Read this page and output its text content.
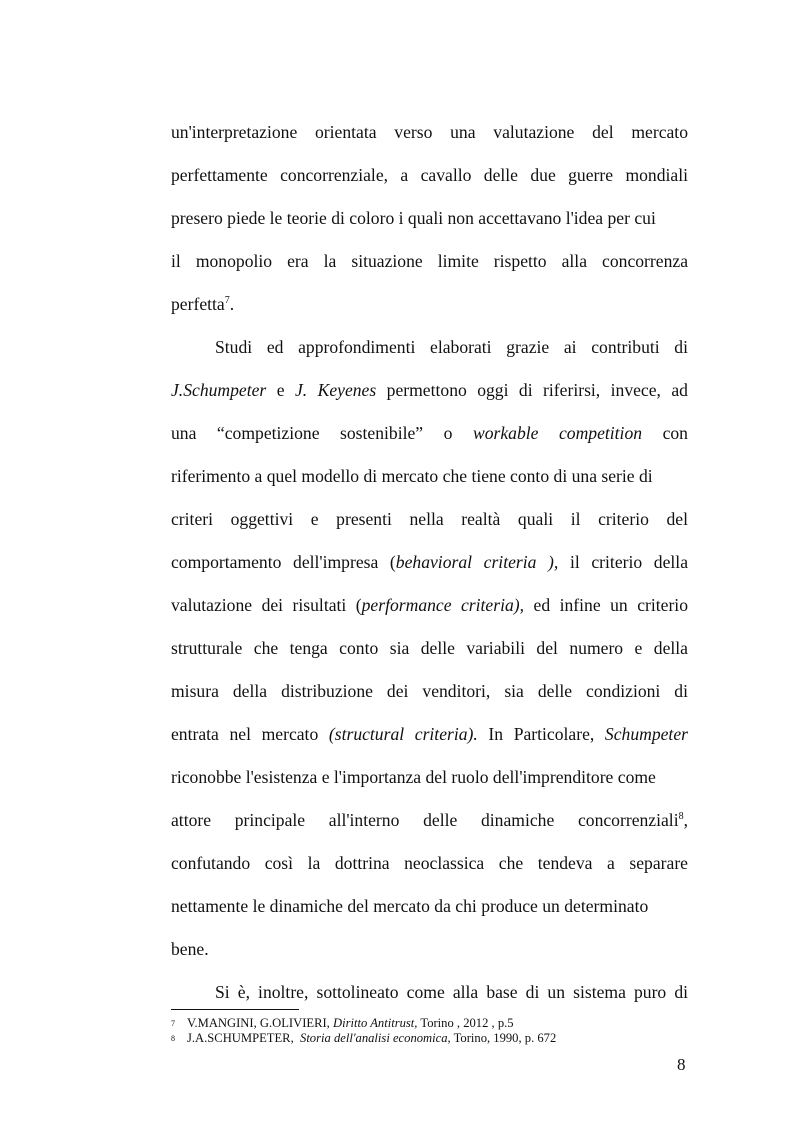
un'interpretazione orientata verso una valutazione del mercato
perfettamente concorrenziale, a cavallo delle due guerre mondiali
presero piede le teorie di coloro i quali non accettavano l'idea per cui
il monopolio era la situazione limite rispetto alla concorrenza
perfetta$^7$.
Studi ed approfondimenti elaborati grazie ai contributi di
J.Schumpeter e J. Keyenes permettono oggi di riferirsi, invece, ad
una “competizione sostenibile” o workable competition con
riferimento a quel modello di mercato che tiene conto di una serie di
criteri oggettivi e presenti nella realtà quali il criterio del
comportamento dell'impresa (behavioral criteria ), il criterio della
valutazione dei risultati (performance criteria), ed infine un criterio
strutturale che tenga conto sia delle variabili del numero e della
misura della distribuzione dei venditori, sia delle condizioni di
entrata nel mercato (structural criteria). In Particolare, Schumpeter
riconobbe l'esistenza e l'importanza del ruolo dell'imprenditore come
attore principale all'interno delle dinamiche concorrenziali$^8$,
confutando così la dottrina neoclassica che tendeva a separare
nettamente le dinamiche del mercato da chi produce un determinato
bene.
Si è, inoltre, sottolineato come alla base di un sistema puro di
7 V.MANGINI, G.OLIVIERI, Diritto Antitrust, Torino , 2012 , p.5
8 J.A.SCHUMPETER, Storia dell'analisi economica, Torino, 1990, p. 672
8
